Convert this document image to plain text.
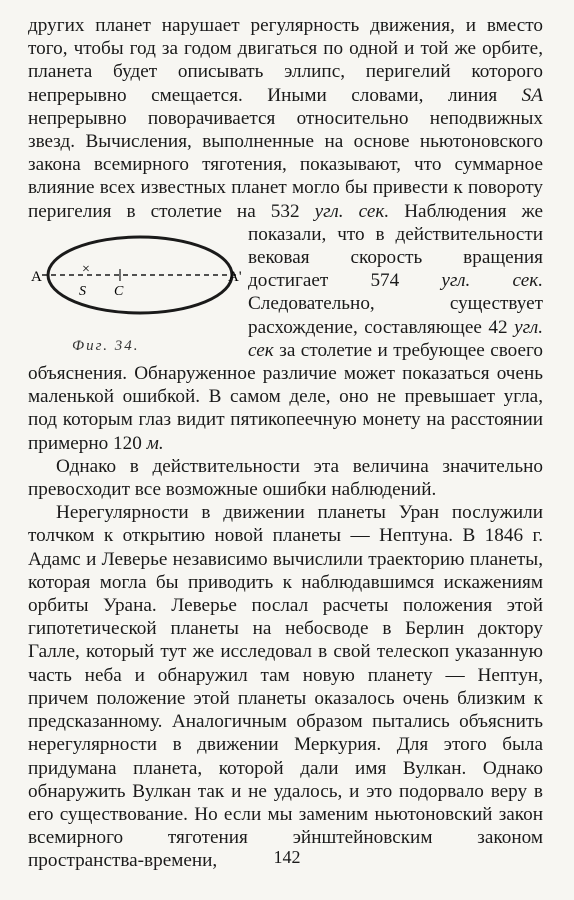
других планет нарушает регулярность движения, и вместо того, чтобы год за годом двигаться по одной и той же орбите, планета будет описывать эллипс, перигелий которого непрерывно смещается. Иными словами, линия SA непрерывно поворачивается относительно неподвижных звезд. Вычисления, выполненные на основе ньютоновского закона всемирного тяготения, показывают, что суммарное влияние всех известных планет могло бы привести к повороту перигелия в столетие на 532 угл. сек.
A
S C
A'
×
Фиг. 34.
Наблюдения же показали, что в действительности вековая скорость вращения достигает 574 угл. сек. Следовательно, существует расхождение, составляющее 42 угл. сек за столетие и требующее своего объяснения. Обнаруженное различие может показаться очень маленькой ошибкой. В самом деле, оно не превышает угла, под которым глаз видит пятикопеечную монету на расстоянии примерно 120 м.

Однако в действительности эта величина значительно превосходит все возможные ошибки наблюдений.

Нерегулярности в движении планеты Уран послужили толчком к открытию новой планеты — Нептуна. В 1846 г. Адамс и Леверье независимо вычислили траекторию планеты, которая могла бы приводить к наблюдавшимся искажениям орбиты Урана. Леверье послал расчеты положения этой гипотетической планеты на небосводе в Берлин доктору Галле, который тут же исследовал в свой телескоп указанную часть неба и обнаружил там новую планету — Нептун, причем положение этой планеты оказалось очень близким к предсказанному. Аналогичным образом пытались объяснить нерегулярности в движении Меркурия. Для этого была придумана планета, которой дали имя Вулкан. Однако обнаружить Вулкан так и не удалось, и это подорвало веру в его существование. Но если мы заменим ньютоновский закон всемирного тяготения эйнштейновским законом пространства-времени,	142
